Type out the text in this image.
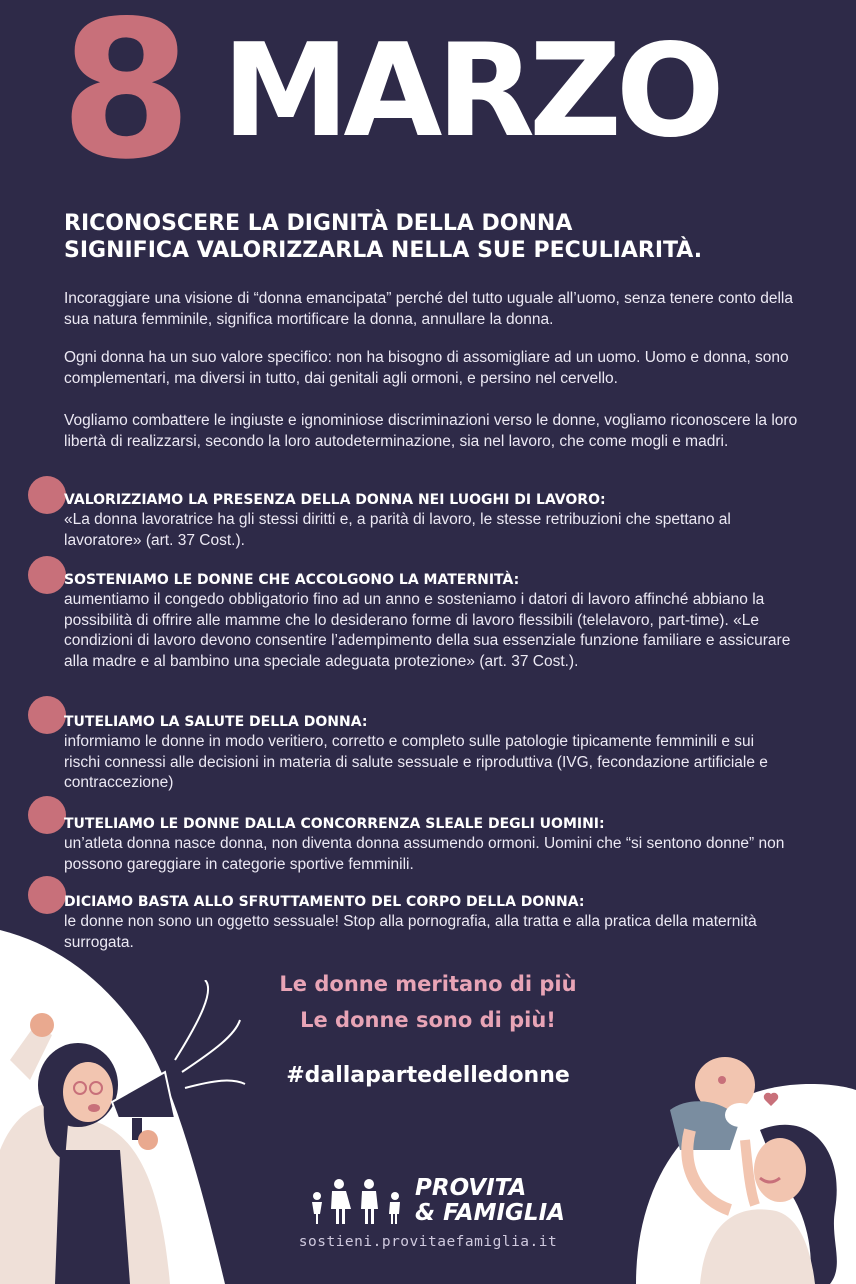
8 MARZO
RICONOSCERE LA DIGNITÀ DELLA DONNA
SIGNIFICA VALORIZZARLA NELLA SUE PECULIARITÀ.
Incoraggiare una visione di “donna emancipata” perché del tutto uguale all’uomo, senza tenere conto della sua natura femminile, significa mortificare la donna, annullare la donna.
Ogni donna ha un suo valore specifico: non ha bisogno di assomigliare ad un uomo. Uomo e donna, sono complementari, ma diversi in tutto, dai genitali agli ormoni, e persino nel cervello.
Vogliamo combattere le ingiuste e ignominiose discriminazioni verso le donne, vogliamo riconoscere la loro libertà di realizzarsi, secondo la loro autodeterminazione, sia nel lavoro, che come mogli e madri.
VALORIZZIAMO LA PRESENZA DELLA DONNA NEI LUOGHI DI LAVORO:
«La donna lavoratrice ha gli stessi diritti e, a parità di lavoro, le stesse retribuzioni che spettano al lavoratore» (art. 37 Cost.).
SOSTENIAMO LE DONNE CHE ACCOLGONO LA MATERNITÀ:
aumentiamo il congedo obbligatorio fino ad un anno e sosteniamo i datori di lavoro affinché abbiano la possibilità di offrire alle mamme che lo desiderano forme di lavoro flessibili (telelavoro, part-time). «Le condizioni di lavoro devono consentire l’adempimento della sua essenziale funzione familiare e assicurare alla madre e al bambino una speciale adeguata protezione» (art. 37 Cost.).
TUTELIAMO LA SALUTE DELLA DONNA:
informiamo le donne in modo veritiero, corretto e completo sulle patologie tipicamente femminili e sui rischi connessi alle decisioni in materia di salute sessuale e riproduttiva (IVG, fecondazione artificiale e contraccezione)
TUTELIAMO LE DONNE DALLA CONCORRENZA SLEALE DEGLI UOMINI:
un’atleta donna nasce donna, non diventa donna assumendo ormoni. Uomini che “si sentono donne” non possono gareggiare in categorie sportive femminili.
DICIAMO BASTA ALLO SFRUTTAMENTO DEL CORPO DELLA DONNA:
le donne non sono un oggetto sessuale! Stop alla pornografia, alla tratta e alla pratica della maternità surrogata.
Le donne meritano di più
Le donne sono di più!
#dallapartedelledonne
PROVITA
& FAMIGLIA
sostieni.provitaefamiglia.it
